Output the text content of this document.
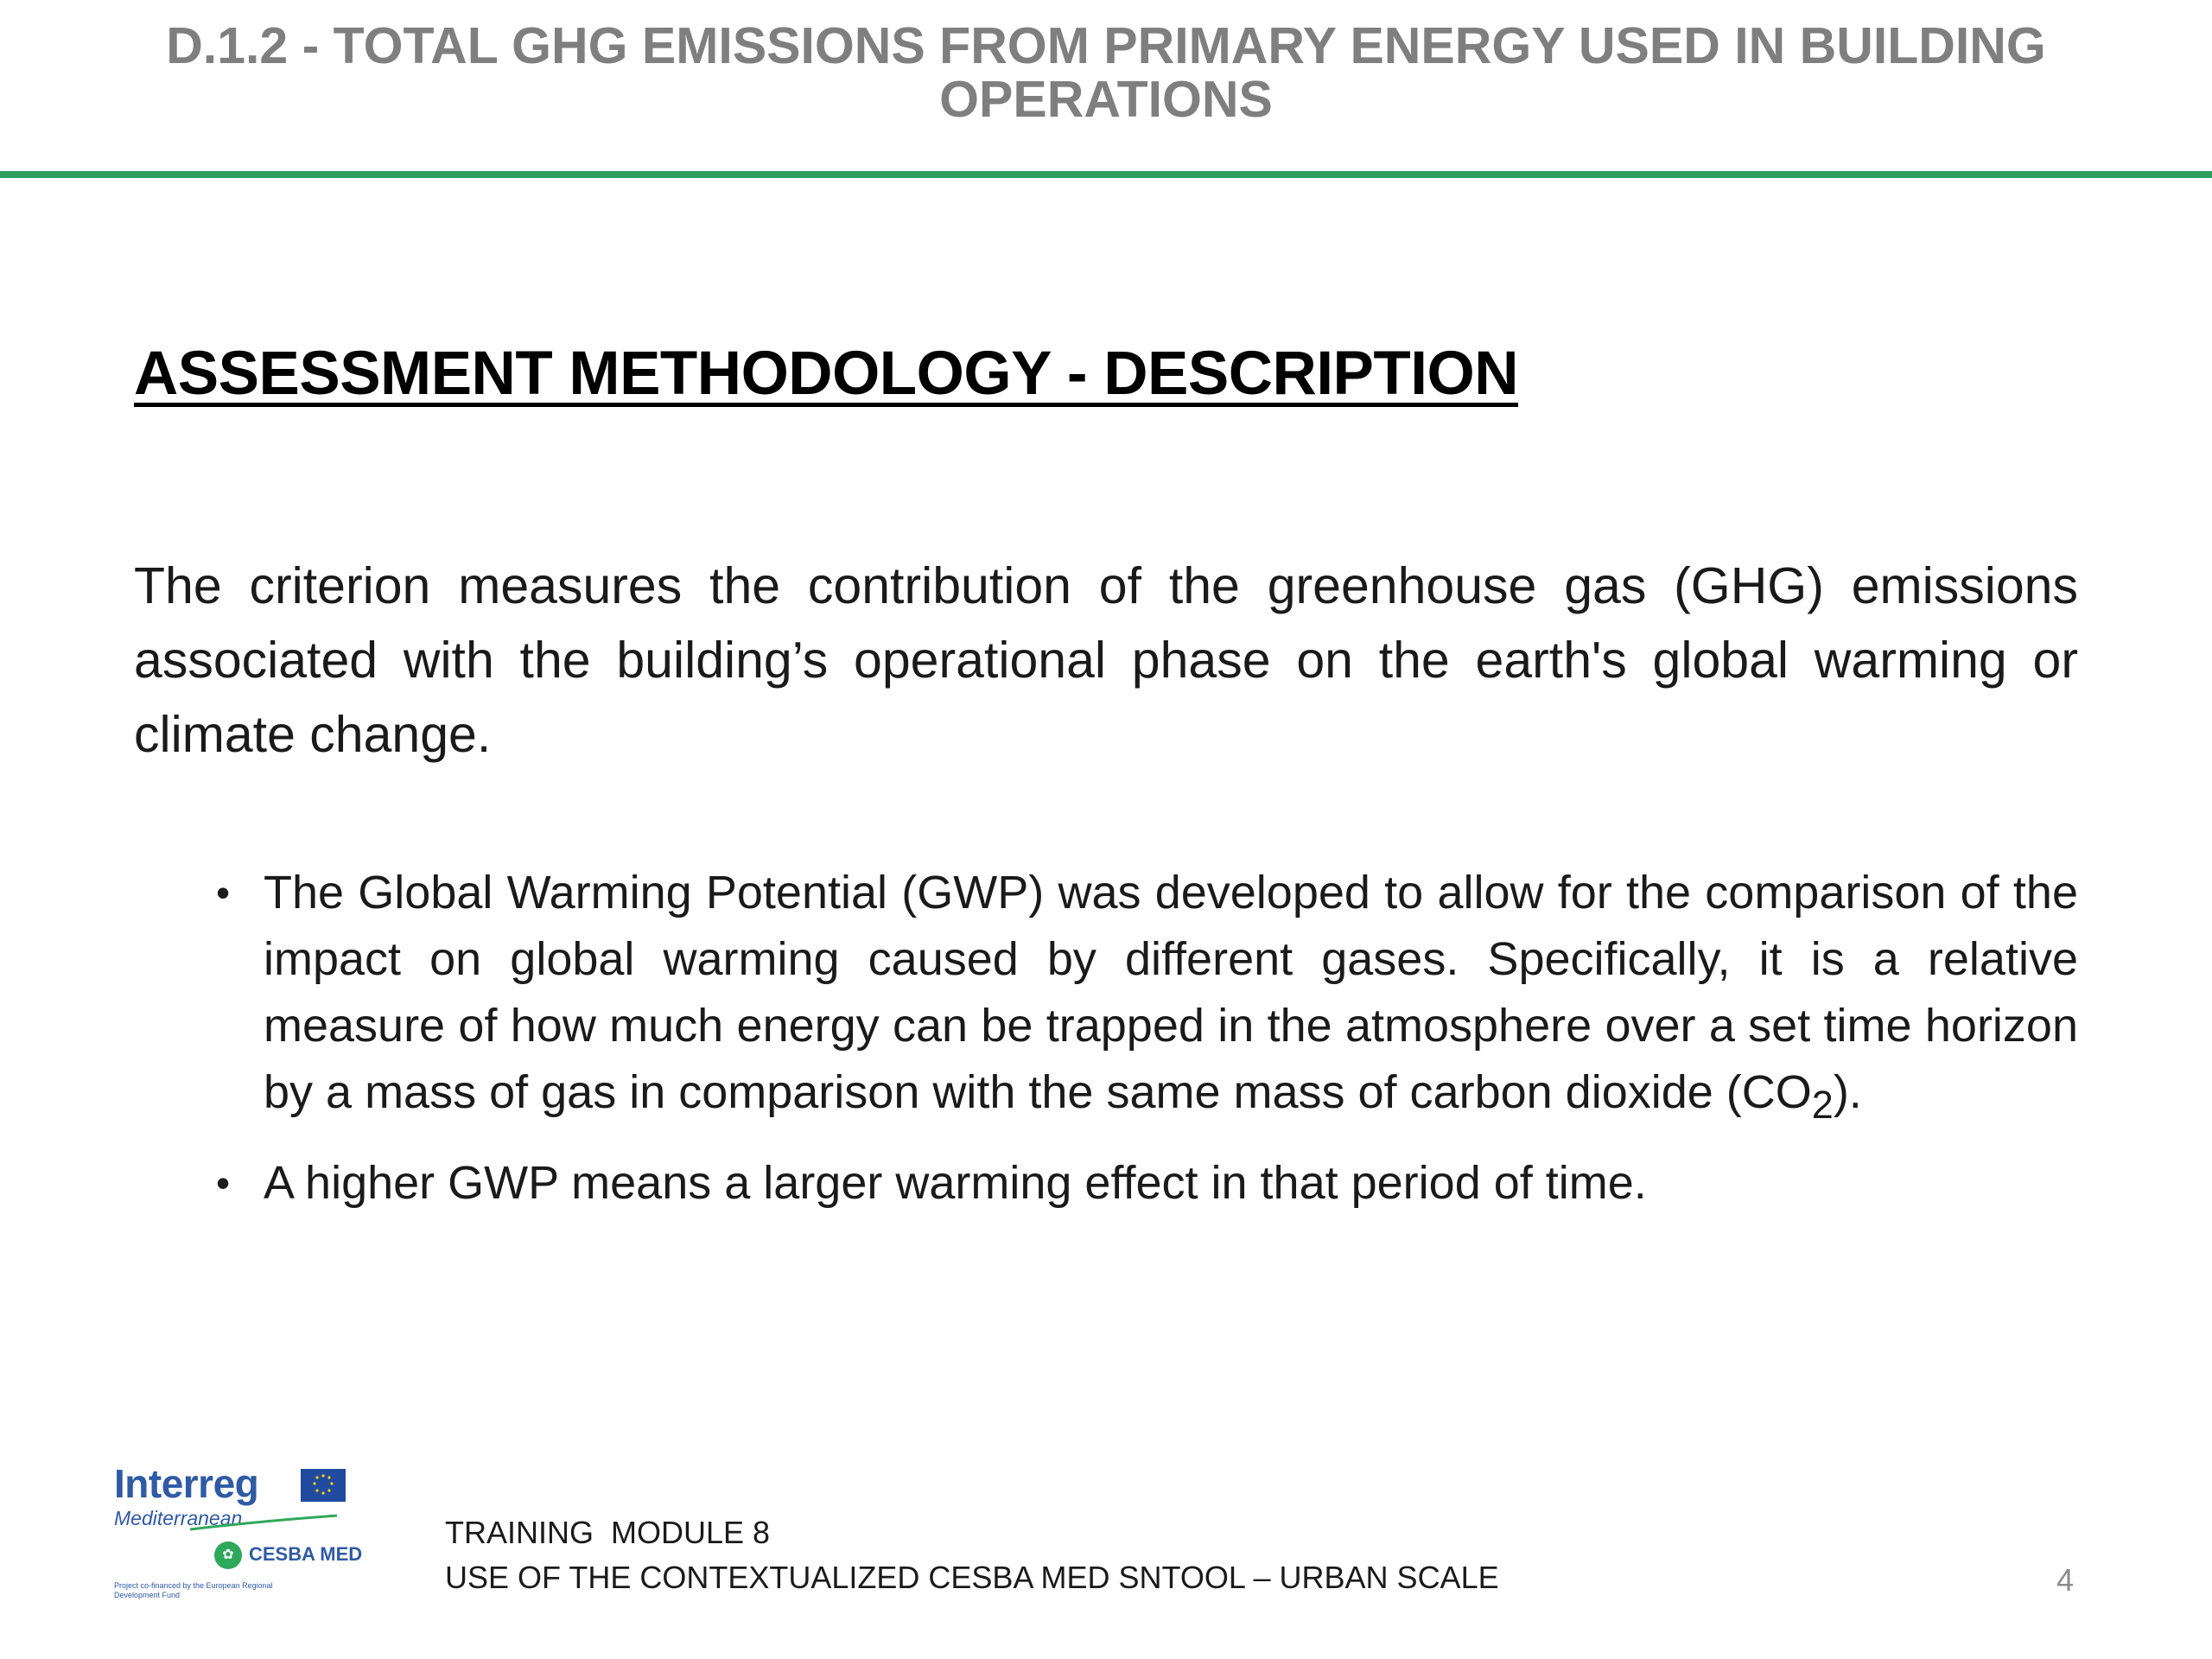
D.1.2 - TOTAL GHG EMISSIONS FROM PRIMARY ENERGY USED IN BUILDING OPERATIONS
ASSESSMENT METHODOLOGY - DESCRIPTION
The criterion measures the contribution of the greenhouse gas (GHG) emissions associated with the building’s operational phase on the earth's global warming or climate change.
• The Global Warming Potential (GWP) was developed to allow for the comparison of the impact on global warming caused by different gases. Specifically, it is a relative measure of how much energy can be trapped in the atmosphere over a set time horizon by a mass of gas in comparison with the same mass of carbon dioxide $(CO_2)$.
• A higher GWP means a larger warming effect in that period of time.
Interreg
Mediterranean
✿ CESBA MED
Project co-financed by the European Regional Development Fund
TRAINING  MODULE 8
USE OF THE CONTEXTUALIZED CESBA MED SNTOOL – URBAN SCALE	4
